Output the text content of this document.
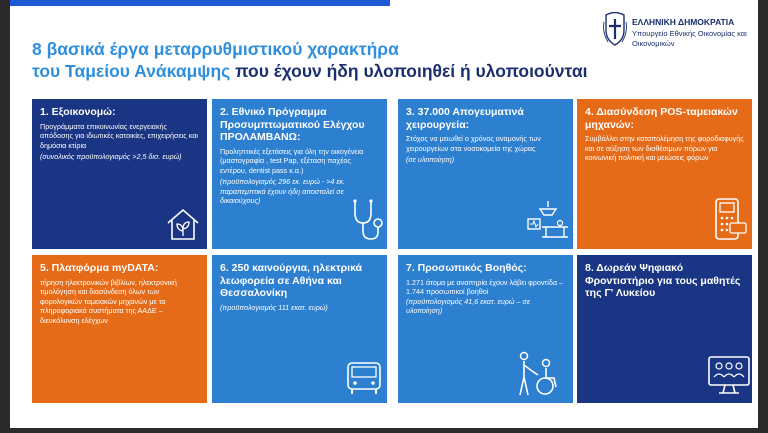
8 βασικά έργα μεταρρυθμιστικού χαρακτήρα
του Ταμείου Ανάκαμψης που έχουν ήδη υλοποιηθεί ή υλοποιούνται
ΕΛΛΗΝΙΚΗ ΔΗΜΟΚΡΑΤΙΑ
Υπουργείο Εθνικής Οικονομίας και Οικονομικών
1. Εξοικονομώ:
Προγράμματα επικοινωνίας ενεργειακής απόδοσης για ιδιωτικές κατοικίες, επιχειρήσεις και δημόσια κτίρια
(συνολικός προϋπολογισμός >2,5 δισ. ευρώ)
2. Εθνικό Πρόγραμμα Προσυμπτωματικού Ελέγχου ΠΡΟΛΑΜΒΑΝΩ:
Προληπτικές εξετάσεις για όλη την οικογένεια (μαστογραφία , test Pap, εξέταση παχέος εντέρου, dentist pass κ.α.)
(προϋπολογισμός 296 εκ. ευρώ - >4 εκ. παραπεμπτικά έχουν ήδη αποσταλεί σε δικαιούχους)
3. 37.000 Απογευματινά χειρουργεία:
Στόχος να μειωθεί ο χρόνος αναμονής των χειρουργείων στα νοσοκομεία της χώρας
(σε υλοποίηση)
4. Διασύνδεση POS-ταμειακών μηχανών:
Συμβάλλει στην καταπολέμηση της φοροδιαφυγής και σε αύξηση των διαθέσιμων πόρων για κοινωνική πολιτική και μειώσεις φόρων
5. Πλατφόρμα myDATA:
τήρηση ηλεκτρονικών βιβλίων, ηλεκτρονική τιμολόγηση και διασύνδεση όλων των φορολογικών ταμειακών μηχανών με τα πληροφοριακά συστήματα της ΑΑΔΕ – διευκόλυνση ελέγχων
6. 250 καινούργια, ηλεκτρικά λεωφορεία σε Αθήνα και Θεσσαλονίκη
(προϋπολογισμός 111 εκατ. ευρώ)
7. Προσωπικός Βοηθός:
1.271 άτομα με αναπηρία έχουν λάβει φροντίδα – 1.744 προσωπικοί βοηθοί
(προϋπολογισμός 41,6 εκατ. ευρώ – σε υλοποίηση)
8. Δωρεάν Ψηφιακό Φροντιστήριο για τους μαθητές της Γ' Λυκείου
